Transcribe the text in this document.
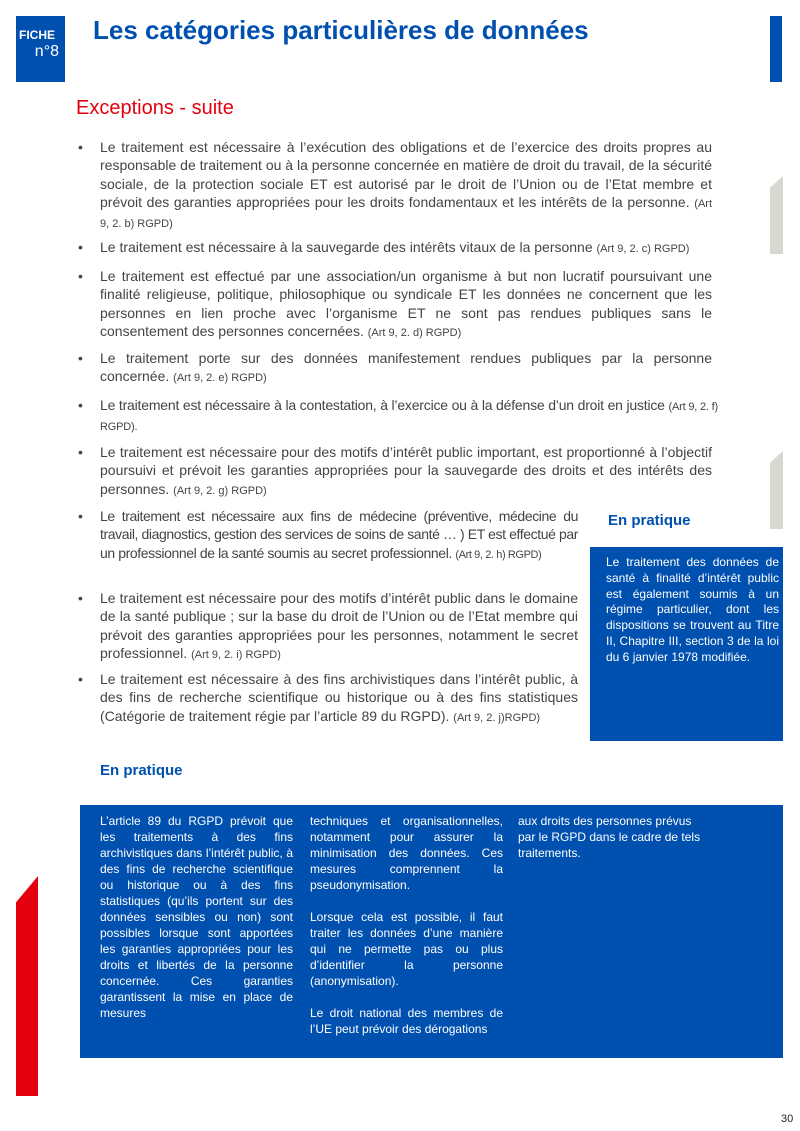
FICHE
n°8
Les catégories particulières de données
Exceptions - suite
• Le traitement est nécessaire à l’exécution des obligations et de l’exercice des droits propres au responsable de traitement ou à la personne concernée en matière de droit du travail, de la sécurité sociale, de la protection sociale ET est autorisé par le droit de l’Union ou de l’Etat membre et prévoit des garanties appropriées pour les droits fondamentaux et les intérêts de la personne. (Art 9, 2. b) RGPD)
• Le traitement est nécessaire à la sauvegarde des intérêts vitaux de la personne (Art 9, 2. c) RGPD)
• Le traitement est effectué par une association/un organisme à but non lucratif poursuivant une finalité religieuse, politique, philosophique ou syndicale ET les données ne concernent que les personnes en lien proche avec l’organisme ET ne sont pas rendues publiques sans le consentement des personnes concernées. (Art 9, 2. d) RGPD)
• Le traitement porte sur des données manifestement rendues publiques par la personne concernée. (Art 9, 2. e) RGPD)
• Le traitement est nécessaire à la contestation, à l’exercice ou à la défense d’un droit en justice (Art 9, 2. f) RGPD).
• Le traitement est nécessaire pour des motifs d’intérêt public important, est proportionné à l’objectif poursuivi et prévoit les garanties appropriées pour la sauvegarde des droits et des intérêts des personnes. (Art 9, 2. g) RGPD)
• Le traitement est nécessaire aux fins de médecine (préventive, médecine du travail, diagnostics, gestion des services de soins de santé … ) ET est effectué par un professionnel de la santé soumis au secret professionnel. (Art 9, 2. h) RGPD)
• Le traitement est nécessaire pour des motifs d’intérêt public dans le domaine de la santé publique ; sur la base du droit de l’Union ou de l’Etat membre qui prévoit des garanties appropriées pour les personnes, notamment le secret professionnel. (Art 9, 2. i) RGPD)
• Le traitement est nécessaire à des fins archivistiques dans l’intérêt public, à des fins de recherche scientifique ou historique ou à des fins statistiques (Catégorie de traitement régie par l’article 89 du RGPD). (Art 9, 2. j)RGPD)
En pratique
Le traitement des données de santé à finalité d’intérêt public est également soumis à un régime particulier, dont les dispositions se trouvent au Titre II, Chapitre III, section 3 de la loi du 6 janvier 1978 modifiée.
En pratique

L’article 89 du RGPD prévoit que les traitements à des fins archivistiques dans l’intérêt public, à des fins de recherche scientifique ou historique ou à des fins statistiques (qu’ils portent sur des données sensibles ou non) sont possibles lorsque sont apportées les garanties appropriées pour les droits et libertés de la personne concernée. Ces garanties garantissent la mise en place de mesures

techniques et organisationnelles, notamment pour assurer la minimisation des données. Ces mesures comprennent la pseudonymisation.

Lorsque cela est possible, il faut traiter les données d’une manière qui ne permette pas ou plus d’identifier la personne (anonymisation).

Le droit national des membres de l’UE peut prévoir des dérogations

aux droits des personnes prévus par le RGPD dans le cadre de tels traitements.

30
